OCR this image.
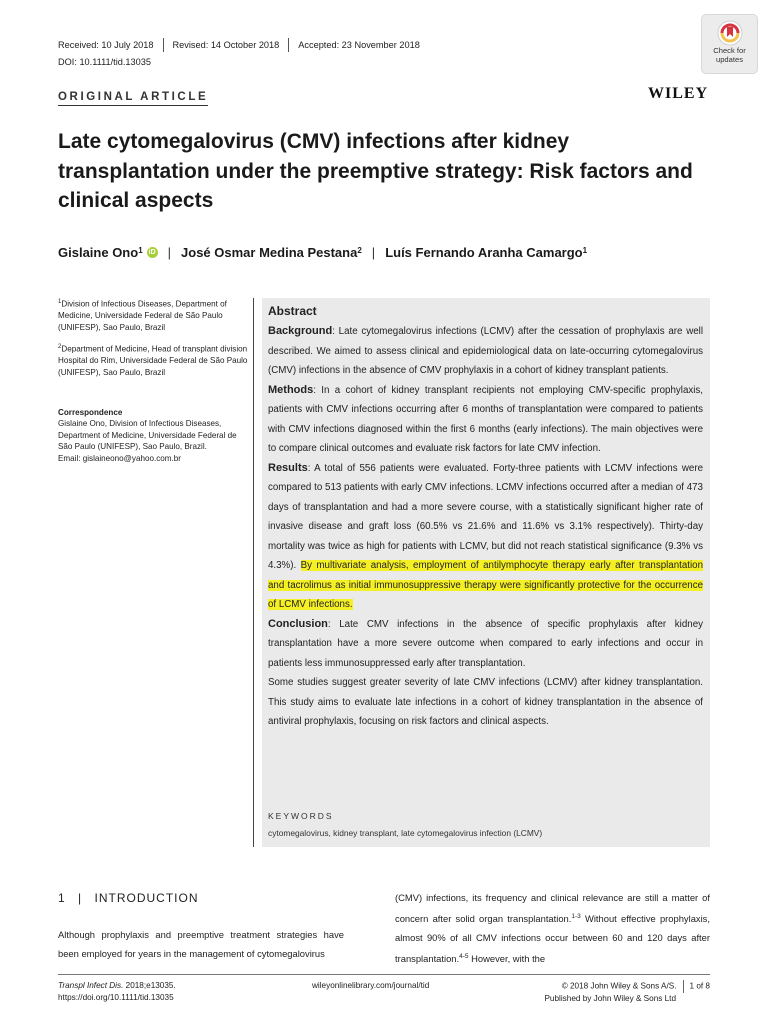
Received: 10 July 2018 Revised: 14 October 2018 Accepted: 23 November 2018
DOI: 10.1111/tid.13035
ORIGINAL ARTICLE	WILEY
Check for
updates
Late cytomegalovirus (CMV) infections after kidney transplantation under the preemptive strategy: Risk factors and clinical aspects
Gislaine Ono$^1$ iD | José Osmar Medina Pestana$^2$ | Luís Fernando Aranha Camargo$^1$
$^1$Division of Infectious Diseases, Department of Medicine, Universidade Federal de São Paulo (UNIFESP), Sao Paulo, Brazil
$^2$Department of Medicine, Head of transplant division Hospital do Rim, Universidade Federal de São Paulo (UNIFESP), Sao Paulo, Brazil
Correspondence
Gislaine Ono, Division of Infectious Diseases, Department of Medicine, Universidade Federal de São Paulo (UNIFESP), Sao Paulo, Brazil.
Email: gislaineono@yahoo.com.br
Abstract

Background: Late cytomegalovirus infections (LCMV) after the cessation of prophylaxis are well described. We aimed to assess clinical and epidemiological data on late-occurring cytomegalovirus (CMV) infections in the absence of CMV prophylaxis in a cohort of kidney transplant patients.

Methods: In a cohort of kidney transplant recipients not employing CMV-specific prophylaxis, patients with CMV infections occurring after 6 months of transplantation were compared to patients with CMV infections diagnosed within the first 6 months (early infections). The main objectives were to compare clinical outcomes and evaluate risk factors for late CMV infection.

Results: A total of 556 patients were evaluated. Forty-three patients with LCMV infections were compared to 513 patients with early CMV infections. LCMV infections occurred after a median of 473 days of transplantation and had a more severe course, with a statistically significant higher rate of invasive disease and graft loss (60.5% vs 21.6% and 11.6% vs 3.1% respectively). Thirty-day mortality was twice as high for patients with LCMV, but did not reach statistical significance (9.3% vs 4.3%). By multivariate analysis, employment of antilymphocyte therapy early after transplantation and tacrolimus as initial immunosuppressive therapy were significantly protective for the occurrence of LCMV infections.

Conclusion: Late CMV infections in the absence of specific prophylaxis after kidney transplantation have a more severe outcome when compared to early infections and occur in patients less immunosuppressed early after transplantation.

Some studies suggest greater severity of late CMV infections (LCMV) after kidney transplantation. This study aims to evaluate late infections in a cohort of kidney transplantation in the absence of antiviral prophylaxis, focusing on risk factors and clinical aspects.

KEYWORDS
cytomegalovirus, kidney transplant, late cytomegalovirus infection (LCMV)
1 | INTRODUCTION
Although prophylaxis and preemptive treatment strategies have been employed for years in the management of cytomegalovirus
(CMV) infections, its frequency and clinical relevance are still a matter of concern after solid organ transplantation.$^{1-3}$ Without effective prophylaxis, almost 90% of all CMV infections occur between 60 and 120 days after transplantation.$^{4-5}$ However, with the
Transpl Infect Dis. 2018;e13035.
https://doi.org/10.1111/tid.13035
wileyonlinelibrary.com/journal/tid	© 2018 John Wiley & Sons A/S. 1 of 8
Published by John Wiley & Sons Ltd
